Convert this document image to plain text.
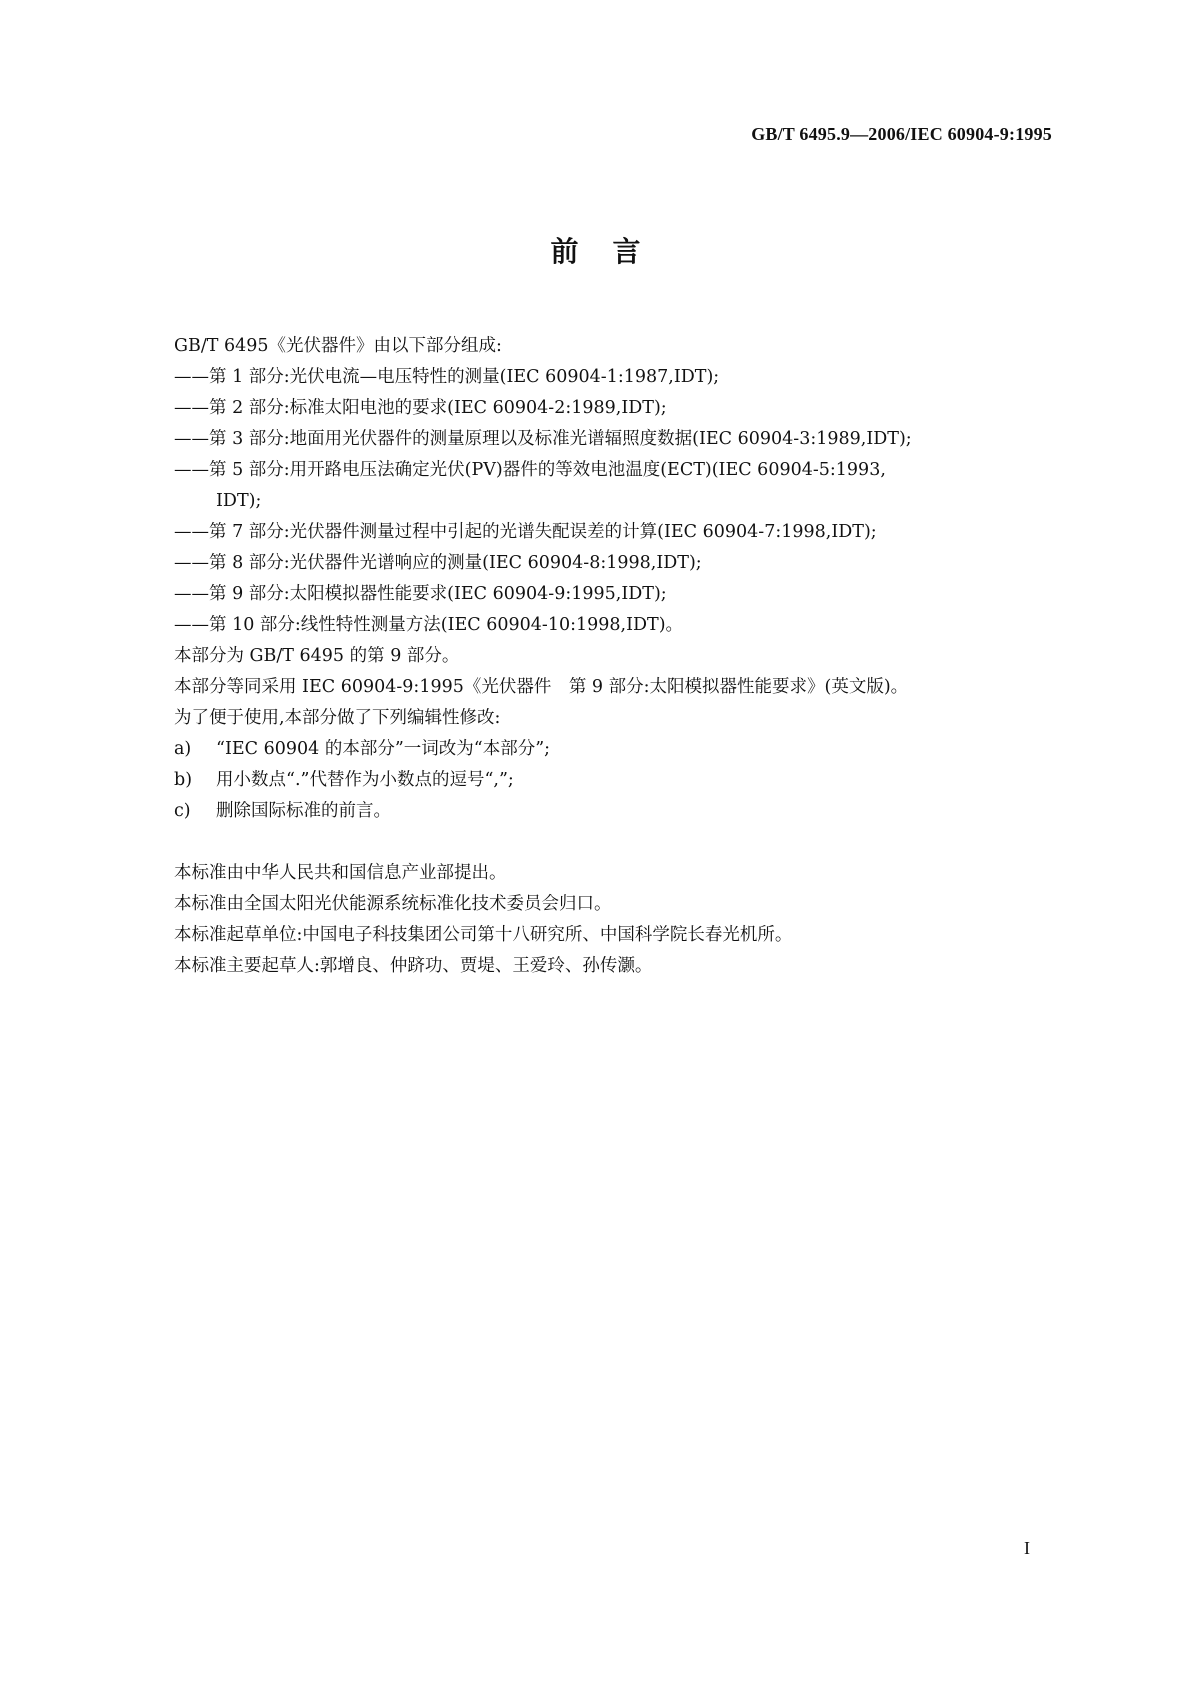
GB/T 6495.9—2006/IEC 60904-9:1995
前言
GB/T 6495《光伏器件》由以下部分组成:
——第 1 部分:光伏电流—电压特性的测量(IEC 60904-1:1987,IDT);
——第 2 部分:标准太阳电池的要求(IEC 60904-2:1989,IDT);
——第 3 部分:地面用光伏器件的测量原理以及标准光谱辐照度数据(IEC 60904-3:1989,IDT);
——第 5 部分:用开路电压法确定光伏(PV)器件的等效电池温度(ECT)(IEC 60904-5:1993,
IDT);
——第 7 部分:光伏器件测量过程中引起的光谱失配误差的计算(IEC 60904-7:1998,IDT);
——第 8 部分:光伏器件光谱响应的测量(IEC 60904-8:1998,IDT);
——第 9 部分:太阳模拟器性能要求(IEC 60904-9:1995,IDT);
——第 10 部分:线性特性测量方法(IEC 60904-10:1998,IDT)。
本部分为 GB/T 6495 的第 9 部分。
本部分等同采用 IEC 60904-9:1995《光伏器件　第 9 部分:太阳模拟器性能要求》(英文版)。
为了便于使用,本部分做了下列编辑性修改:
a)	“IEC 60904 的本部分”一词改为“本部分”;
b)	用小数点“.”代替作为小数点的逗号“,”;
c)	删除国际标准的前言。
本标准由中华人民共和国信息产业部提出。
本标准由全国太阳光伏能源系统标准化技术委员会归口。
本标准起草单位:中国电子科技集团公司第十八研究所、中国科学院长春光机所。
本标准主要起草人:郭增良、仲跻功、贾堤、王爱玲、孙传灏。
I
